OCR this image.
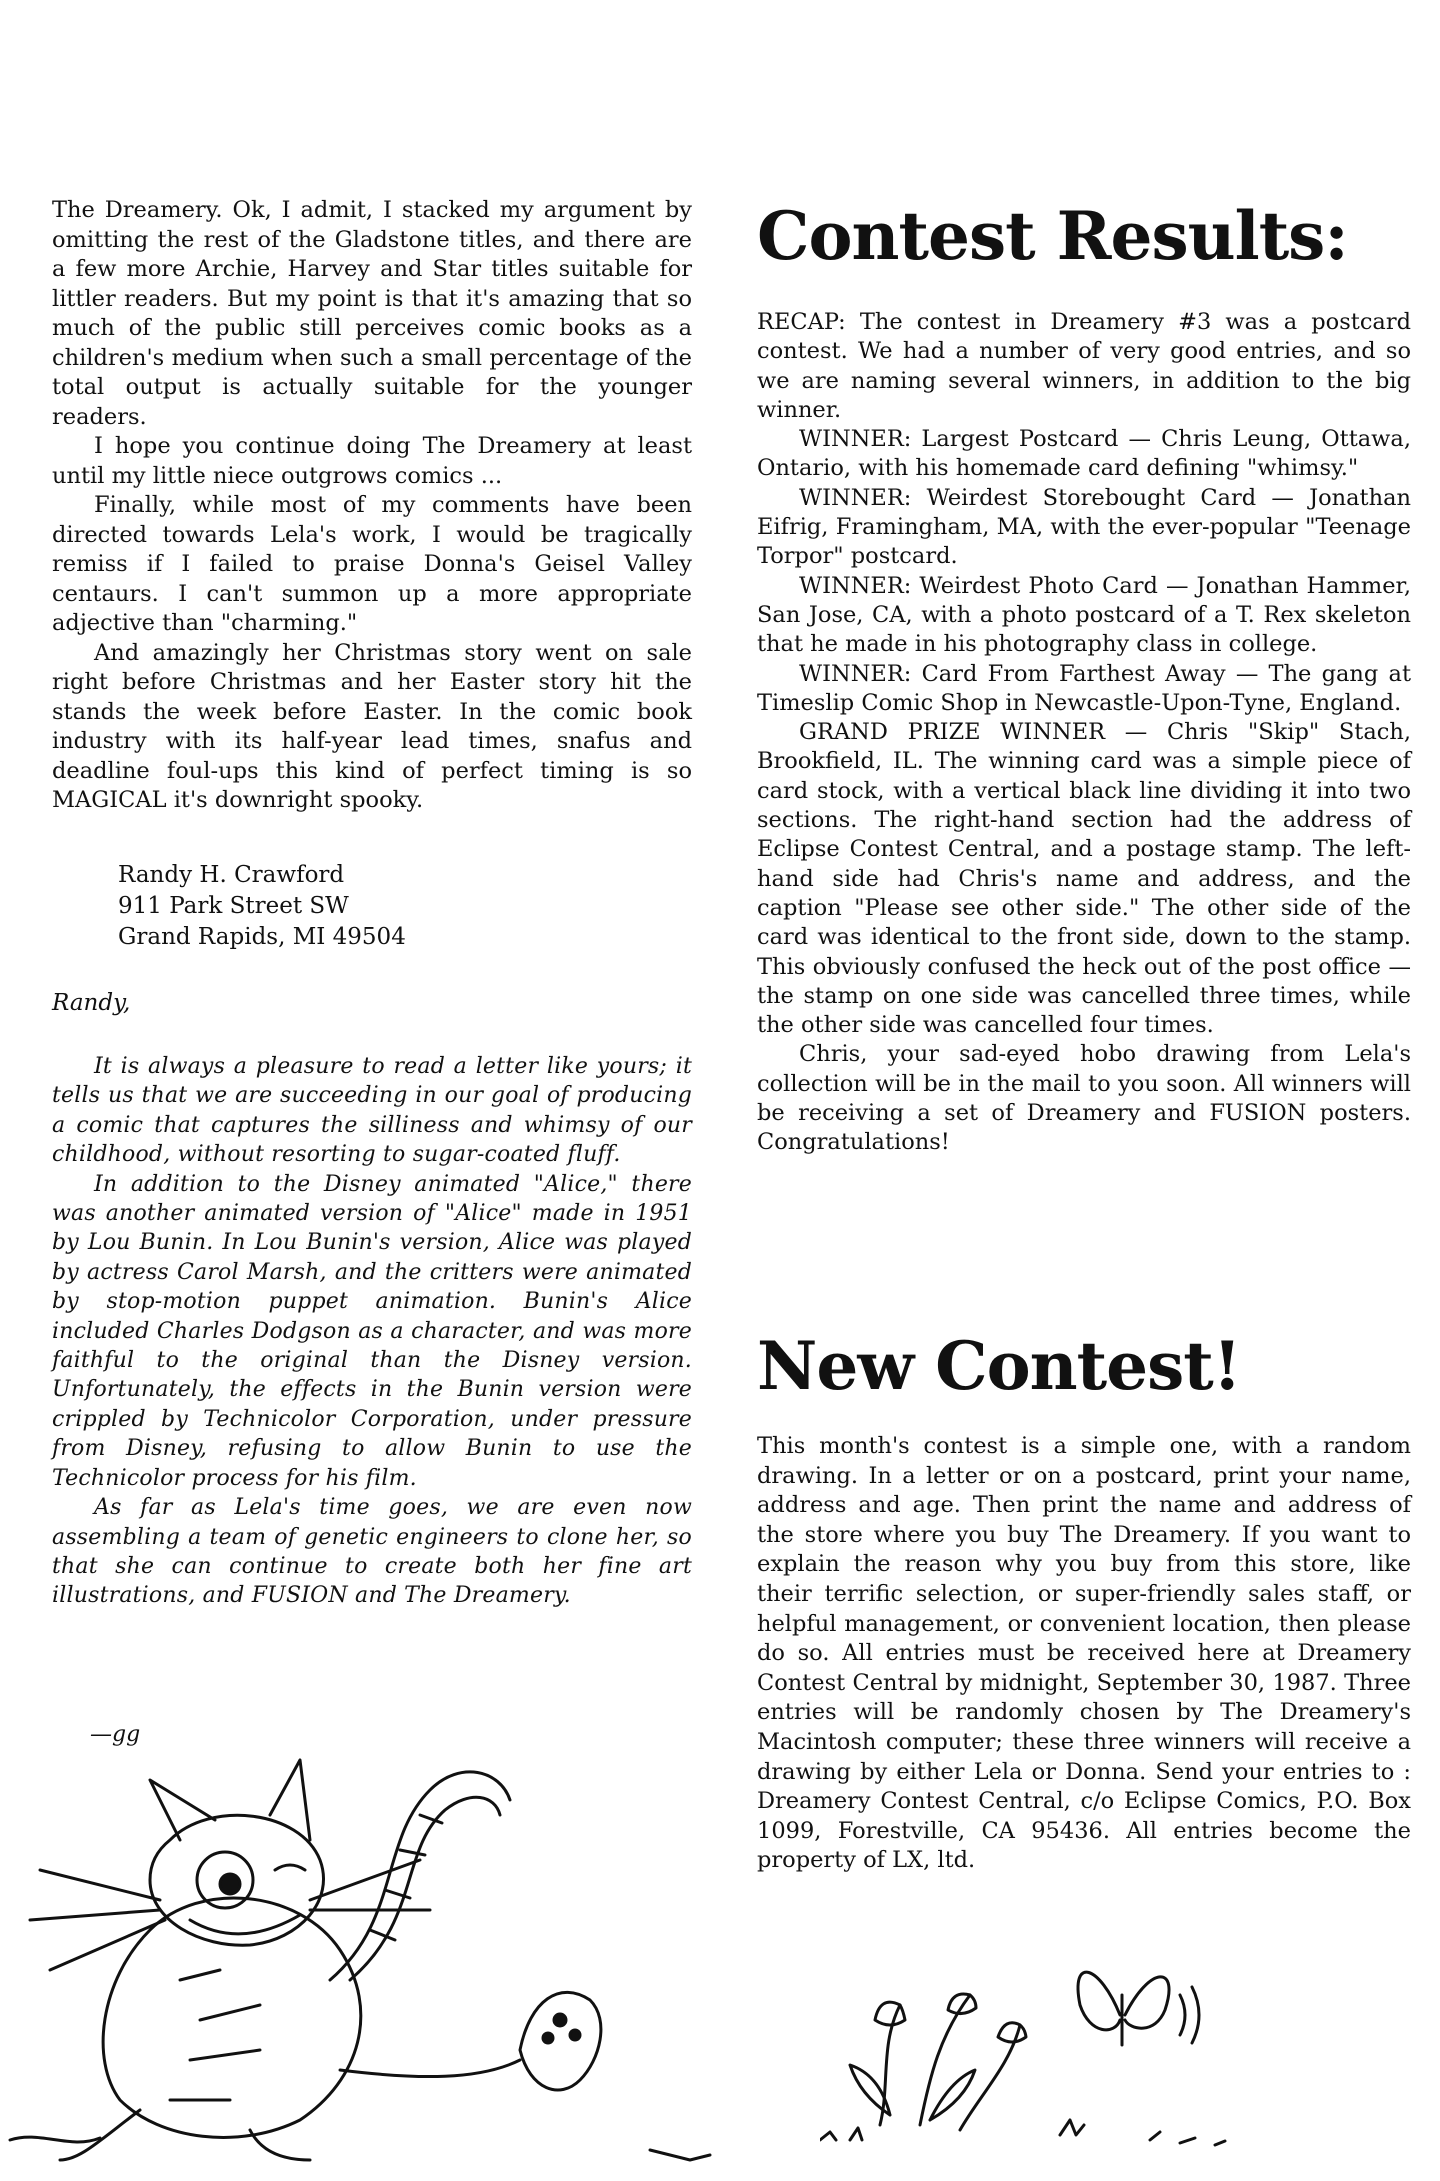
The Dreamery. Ok, I admit, I stacked my argument by omitting the rest of the Gladstone titles, and there are a few more Archie, Harvey and Star titles suitable for littler readers. But my point is that it's amazing that so much of the public still perceives comic books as a children's medium when such a small percentage of the total output is actually suitable for the younger readers.

I hope you continue doing The Dreamery at least until my little niece outgrows comics ...

Finally, while most of my comments have been directed towards Lela's work, I would be tragically remiss if I failed to praise Donna's Geisel Valley centaurs. I can't summon up a more appropriate adjective than "charming."

And amazingly her Christmas story went on sale right before Christmas and her Easter story hit the stands the week before Easter. In the comic book industry with its half-year lead times, snafus and deadline foul-ups this kind of perfect timing is so MAGICAL it's downright spooky.

Randy H. Crawford
911 Park Street SW
Grand Rapids, MI 49504
Randy,

It is always a pleasure to read a letter like yours; it tells us that we are succeeding in our goal of producing a comic that captures the silliness and whimsy of our childhood, without resorting to sugar-coated fluff.

In addition to the Disney animated "Alice," there was another animated version of "Alice" made in 1951 by Lou Bunin. In Lou Bunin's version, Alice was played by actress Carol Marsh, and the critters were animated by stop-motion puppet animation. Bunin's Alice included Charles Dodgson as a character, and was more faithful to the original than the Disney version. Unfortunately, the effects in the Bunin version were crippled by Technicolor Corporation, under pressure from Disney, refusing to allow Bunin to use the Technicolor process for his film.

As far as Lela's time goes, we are even now assembling a team of genetic engineers to clone her, so that she can continue to create both her fine art illustrations, and FUSION and The Dreamery.

—gg
Contest Results:

RECAP: The contest in Dreamery #3 was a postcard contest. We had a number of very good entries, and so we are naming several winners, in addition to the big winner.

WINNER: Largest Postcard — Chris Leung, Ottawa, Ontario, with his homemade card defining "whimsy."

WINNER: Weirdest Storebought Card — Jonathan Eifrig, Framingham, MA, with the ever-popular "Teenage Torpor" postcard.

WINNER: Weirdest Photo Card — Jonathan Hammer, San Jose, CA, with a photo postcard of a T. Rex skeleton that he made in his photography class in college.

WINNER: Card From Farthest Away — The gang at Timeslip Comic Shop in Newcastle-Upon-Tyne, England.

GRAND PRIZE WINNER — Chris "Skip" Stach, Brookfield, IL. The winning card was a simple piece of card stock, with a vertical black line dividing it into two sections. The right-hand section had the address of Eclipse Contest Central, and a postage stamp. The left-hand side had Chris's name and address, and the caption "Please see other side." The other side of the card was identical to the front side, down to the stamp. This obviously confused the heck out of the post office — the stamp on one side was cancelled three times, while the other side was cancelled four times.

Chris, your sad-eyed hobo drawing from Lela's collection will be in the mail to you soon. All winners will be receiving a set of Dreamery and FUSION posters. Congratulations!

New Contest!

This month's contest is a simple one, with a random drawing. In a letter or on a postcard, print your name, address and age. Then print the name and address of the store where you buy The Dreamery. If you want to explain the reason why you buy from this store, like their terrific selection, or super-friendly sales staff, or helpful management, or convenient location, then please do so. All entries must be received here at Dreamery Contest Central by midnight, September 30, 1987. Three entries will be randomly chosen by The Dreamery's Macintosh computer; these three winners will receive a drawing by either Lela or Donna. Send your entries to : Dreamery Contest Central, c/o Eclipse Comics, P.O. Box 1099, Forestville, CA 95436. All entries become the property of LX, ltd.
